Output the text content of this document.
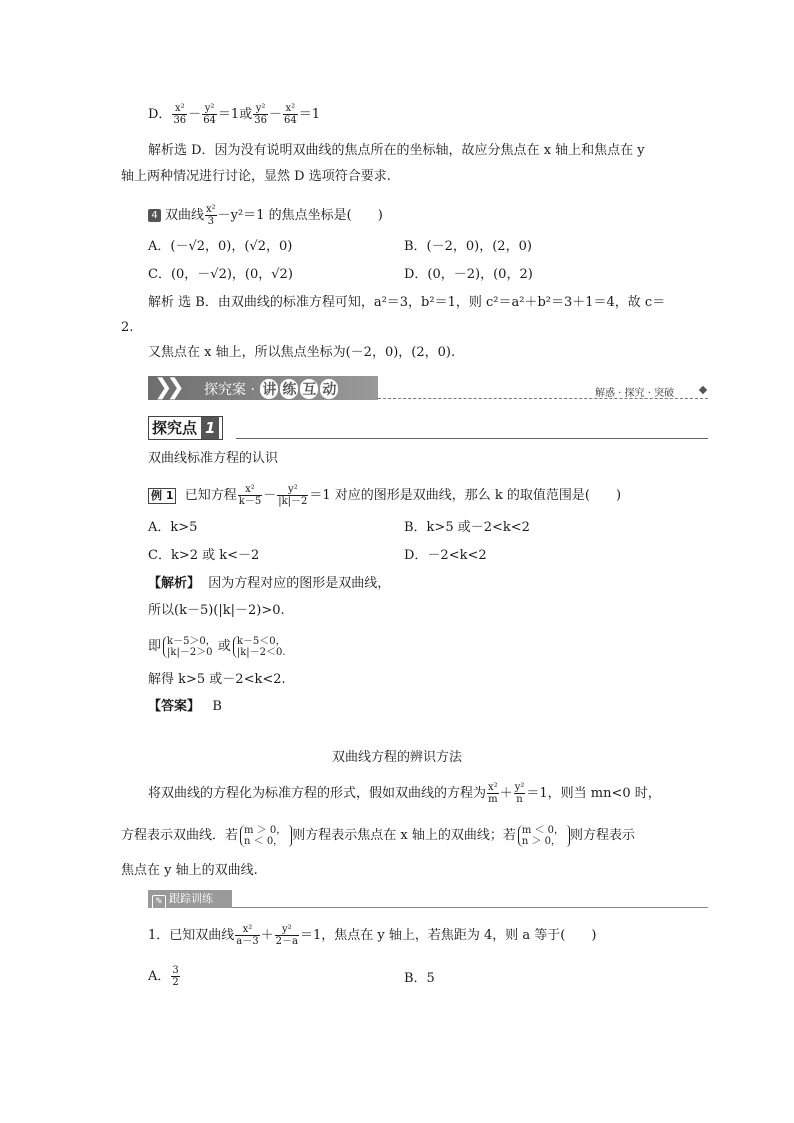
D． $\frac{\text{x²}}{36} - \frac{\text{y²}}{64} =1$或 $\frac{\text{y²}}{36} - \frac{\text{x²}}{64} =1$
解析选 D．因为没有说明双曲线的焦点所在的坐标轴，故应分焦点在 x 轴上和焦点在 y
轴上两种情况进行讨论，显然 D 选项符合要求.
4 双曲线 $\frac{\text{x²}}{3} -y^2=1$ 的焦点坐标是(　　)
A．(－√2，0)，(√2，0)	B．(－2，0)，(2，0)
C．(0，－√2)，(0，√2)	D．(0，－2)，(0，2)
解析 选 B．由双曲线的标准方程可知，a²＝3，b²＝1，则 c²＝a²＋b²＝3＋1＝4，故 c＝
2.
又焦点在 x 轴上，所以焦点坐标为(－2，0)，(2，0).
❯❯ 探究案 · 讲 练 互 动	解惑 · 探究 · 突破
探究点 1
双曲线标准方程的认识
例 1 已知方程 $\frac{\text{x²}}{k-5} - \frac{\text{y²}}{|k|-2} =1$ 对应的图形是双曲线，那么 k 的取值范围是(　　)
A．k>5	B．k>5 或－2<k<2
C．k>2 或 k<－2	D．－2<k<2
【解析】 因为方程对应的图形是双曲线，
所以(k－5)(|k|－2)>0.
即 k－5＞0，
|k|－2＞0 或 k－5＜0，
|k|－2＜0.
解得 k>5 或－2<k<2.
【答案】 B
双曲线方程的辨识方法
将双曲线的方程化为标准方程的形式，假如双曲线的方程为 $\frac{\text{x²}}{m} + \frac{\text{y²}}{n} =1$，则当 mn<0 时，
方程表示双曲线．若 m ＞ 0，
n ＜ 0， 则方程表示焦点在 x 轴上的双曲线；若 m ＜ 0，
n ＞ 0， 则方程表示
焦点在 y 轴上的双曲线.
✎ 跟踪训练
1．已知双曲线 $\frac{\text{x²}}{a-3} + \frac{\text{y²}}{2-a} =1$，焦点在 y 轴上，若焦距为 4，则 a 等于(　　)
A． $\frac{3}{2}$	B．5
